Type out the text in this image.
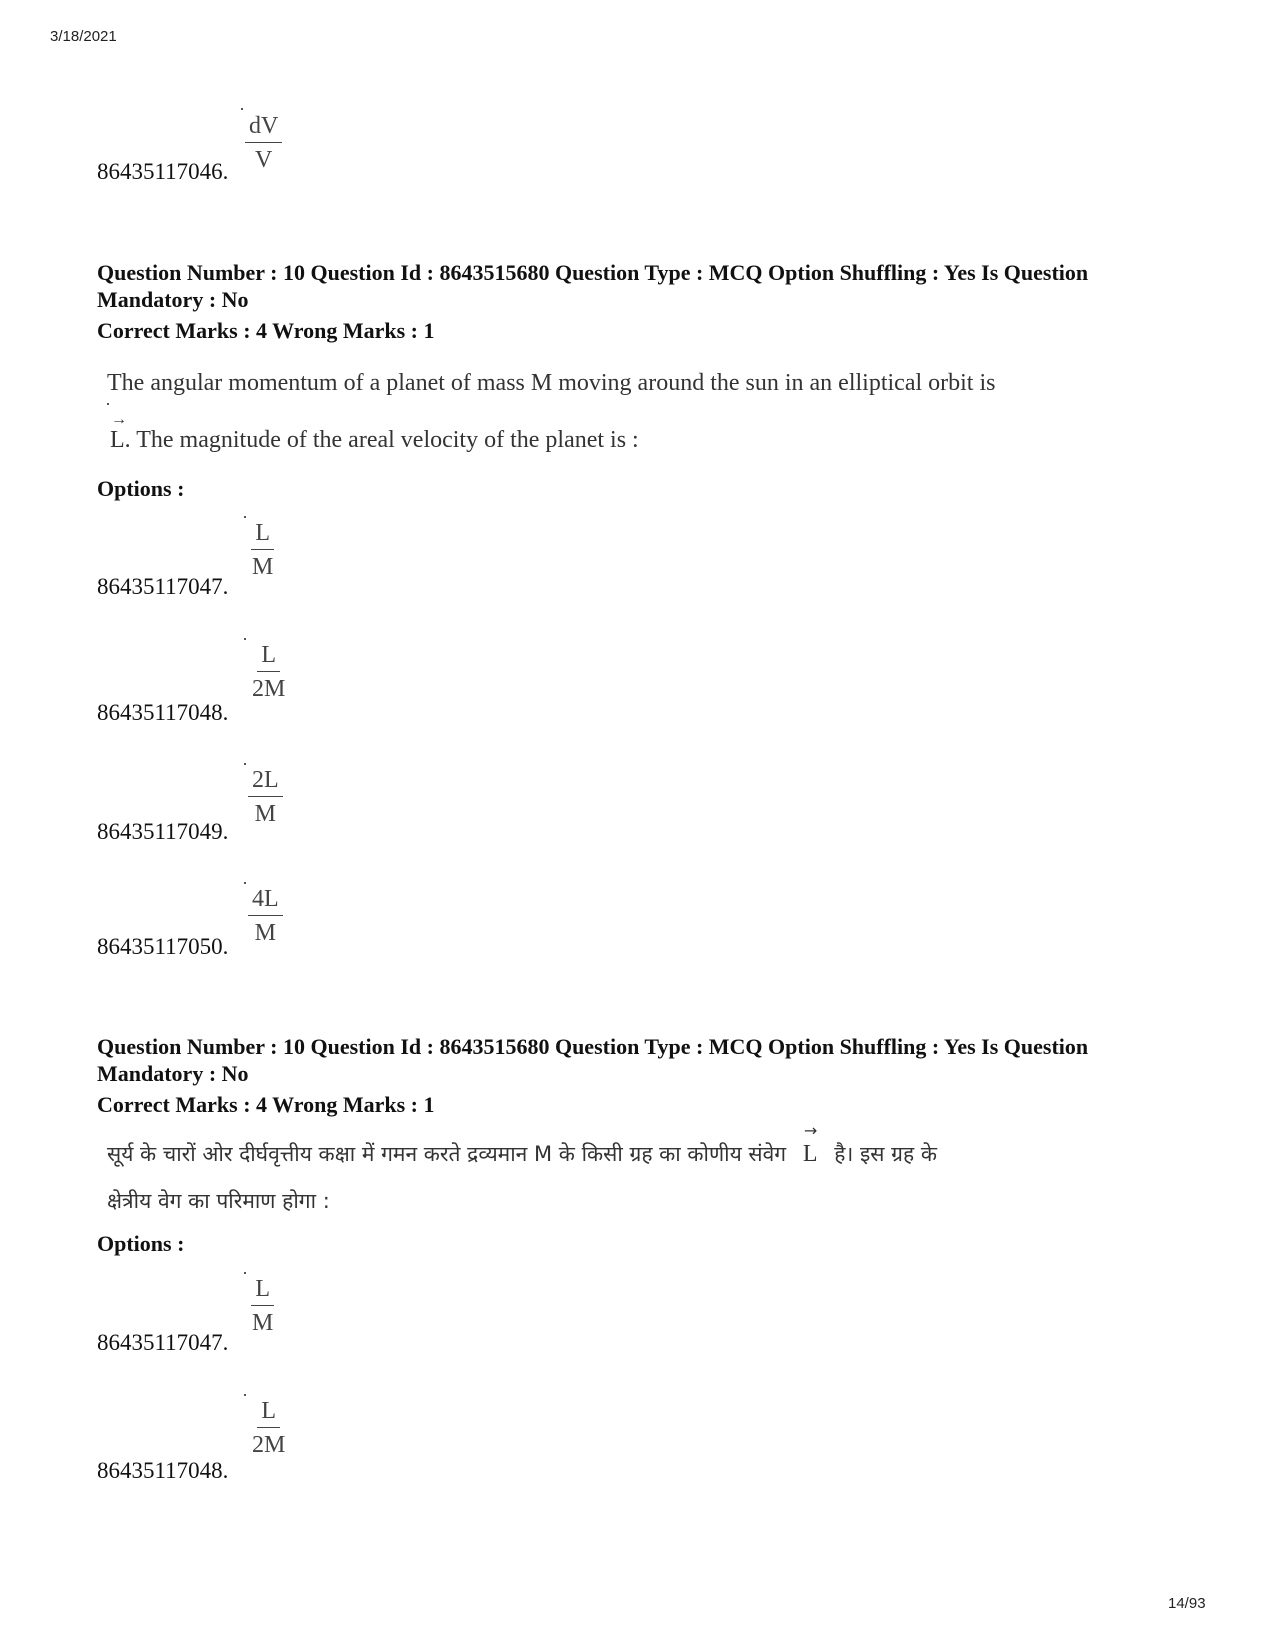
3/18/2021
14/93
$\frac{dV}{V}$
86435117046.
Question Number : 10 Question Id : 8643515680 Question Type : MCQ Option Shuffling : Yes Is Question Mandatory : No
Correct Marks : 4 Wrong Marks : 1
The angular momentum of a planet of mass M moving around the sun in an elliptical orbit is
→
L. The magnitude of the areal velocity of the planet is :
Options :
$\frac{L}{M}$
86435117047.
$\frac{L}{2M}$
86435117048.
$\frac{2L}{M}$
86435117049.
$\frac{4L}{M}$
86435117050.
Question Number : 10 Question Id : 8643515680 Question Type : MCQ Option Shuffling : Yes Is Question Mandatory : No
Correct Marks : 4 Wrong Marks : 1
सूर्य के चारों ओर दीर्घवृत्तीय कक्षा में गमन करते द्रव्यमान M के किसी ग्रह का कोणीय संवेग
→
L है। इस ग्रह के
क्षेत्रीय वेग का परिमाण होगा :
Options :
$\frac{L}{M}$
86435117047.
$\frac{L}{2M}$
86435117048.
